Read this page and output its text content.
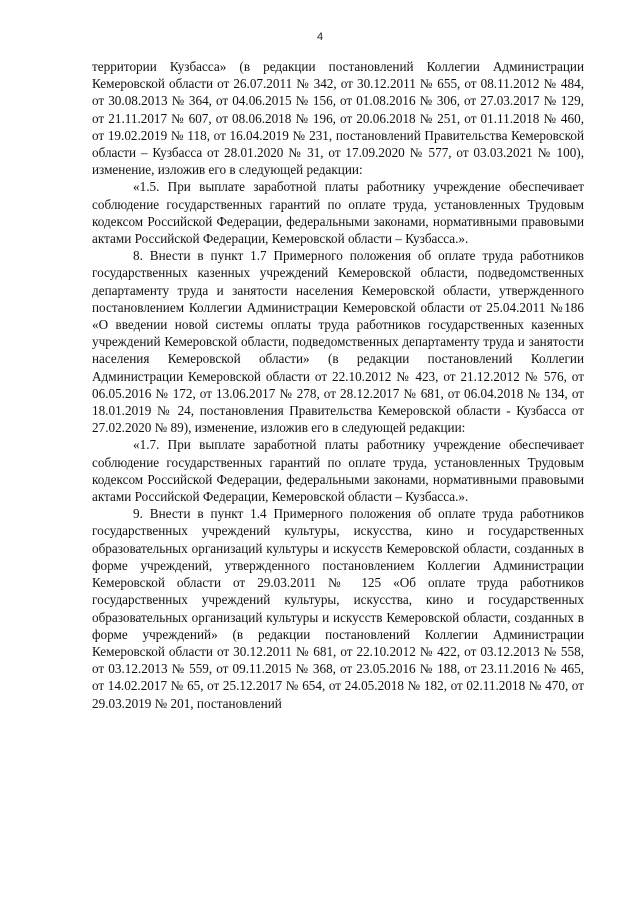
4

территории Кузбасса» (в редакции постановлений Коллегии Администрации Кемеровской области от 26.07.2011 № 342, от 30.12.2011 № 655, от 08.11.2012 № 484, от 30.08.2013 № 364, от 04.06.2015 № 156, от 01.08.2016 № 306, от 27.03.2017 № 129, от 21.11.2017 № 607, от 08.06.2018 № 196, от 20.06.2018 № 251, от 01.11.2018 № 460, от 19.02.2019 № 118, от 16.04.2019 № 231, постановлений Правительства Кемеровской области – Кузбасса от 28.01.2020 № 31, от 17.09.2020 № 577, от 03.03.2021 № 100), изменение, изложив его в следующей редакции:

«1.5. При выплате заработной платы работнику учреждение обеспечивает соблюдение государственных гарантий по оплате труда, установленных Трудовым кодексом Российской Федерации, федеральными законами, нормативными правовыми актами Российской Федерации, Кемеровской области – Кузбасса.».

8. Внести в пункт 1.7 Примерного положения об оплате труда работников государственных казенных учреждений Кемеровской области, подведомственных департаменту труда и занятости населения Кемеровской области, утвержденного постановлением Коллегии Администрации Кемеровской области от 25.04.2011 №186 «О введении новой системы оплаты труда работников государственных казенных учреждений Кемеровской области, подведомственных департаменту труда и занятости населения Кемеровской области» (в редакции постановлений Коллегии Администрации Кемеровской области от 22.10.2012 № 423, от 21.12.2012 № 576, от 06.05.2016 № 172, от 13.06.2017 № 278, от 28.12.2017 № 681, от 06.04.2018 № 134, от 18.01.2019 № 24, постановления Правительства Кемеровской области - Кузбасса от 27.02.2020 № 89), изменение, изложив его в следующей редакции:

«1.7. При выплате заработной платы работнику учреждение обеспечивает соблюдение государственных гарантий по оплате труда, установленных Трудовым кодексом Российской Федерации, федеральными законами, нормативными правовыми актами Российской Федерации, Кемеровской области – Кузбасса.».

9. Внести в пункт 1.4 Примерного положения об оплате труда работников государственных учреждений культуры, искусства, кино и государственных образовательных организаций культуры и искусств Кемеровской области, созданных в форме учреждений, утвержденного постановлением Коллегии Администрации Кемеровской области от 29.03.2011 № 125 «Об оплате труда работников государственных учреждений культуры, искусства, кино и государственных образовательных организаций культуры и искусств Кемеровской области, созданных в форме учреждений» (в редакции постановлений Коллегии Администрации Кемеровской области от 30.12.2011 № 681, от 22.10.2012 № 422, от 03.12.2013 № 558, от 03.12.2013 № 559, от 09.11.2015 № 368, от 23.05.2016 № 188, от 23.11.2016 № 465, от 14.02.2017 № 65, от 25.12.2017 № 654, от 24.05.2018 № 182, от 02.11.2018 № 470, от 29.03.2019 № 201, постановлений
